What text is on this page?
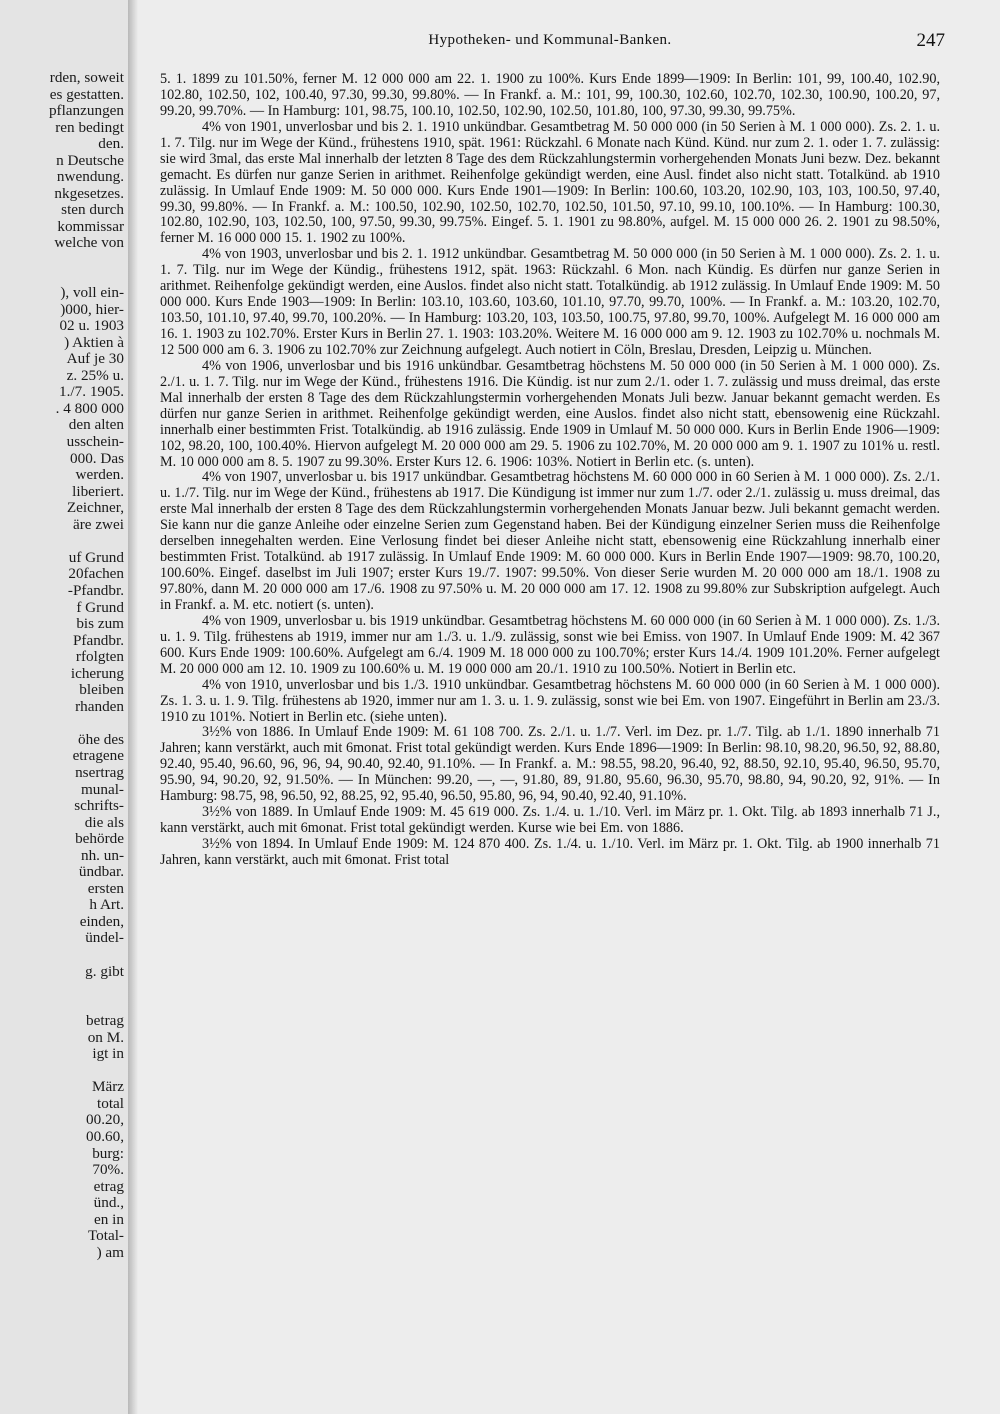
rden, soweit
es gestatten.
pflanzungen
ren bedingt
den.
n Deutsche
nwendung.
nkgesetzes.
sten durch
kommissar
welche von
), voll ein-
)000, hier-
02 u. 1903
) Aktien à
Auf je 30
z. 25% u.
1./7. 1905.
. 4 800 000
den alten
usschein-
000. Das
werden.
liberiert.
Zeichner,
äre zwei
uf Grund
20fachen
-Pfandbr.
f Grund
bis zum
Pfandbr.
rfolgten
icherung
bleiben
rhanden
öhe des
etragene
nsertrag
munal-
schrifts-
die als
behörde
nh. un-
ündbar.
ersten
h Art.
einden,
ündel-
g. gibt
betrag
on M.
igt in
März
total
00.20,
00.60,
burg:
70%.
etrag
ünd.,
en in
Total-
) am
Hypotheken- und Kommunal-Banken.	247

5. 1. 1899 zu 101.50%, ferner M. 12 000 000 am 22. 1. 1900 zu 100%. Kurs Ende 1899—1909: In Berlin: 101, 99, 100.40, 102.90, 102.80, 102.50, 102, 100.40, 97.30, 99.30, 99.80%. — In Frankf. a. M.: 101, 99, 100.30, 102.60, 102.70, 102.30, 100.90, 100.20, 97, 99.20, 99.70%. — In Hamburg: 101, 98.75, 100.10, 102.50, 102.90, 102.50, 101.80, 100, 97.30, 99.30, 99.75%.

4% von 1901, unverlosbar und bis 2. 1. 1910 unkündbar. Gesamtbetrag M. 50 000 000 (in 50 Serien à M. 1 000 000). Zs. 2. 1. u. 1. 7. Tilg. nur im Wege der Künd., frühestens 1910, spät. 1961: Rückzahl. 6 Monate nach Künd. Künd. nur zum 2. 1. oder 1. 7. zulässig: sie wird 3mal, das erste Mal innerhalb der letzten 8 Tage des dem Rückzahlungstermin vorhergehenden Monats Juni bezw. Dez. bekannt gemacht. Es dürfen nur ganze Serien in arithmet. Reihenfolge gekündigt werden, eine Ausl. findet also nicht statt. Totalkünd. ab 1910 zulässig. In Umlauf Ende 1909: M. 50 000 000. Kurs Ende 1901—1909: In Berlin: 100.60, 103.20, 102.90, 103, 103, 100.50, 97.40, 99.30, 99.80%. — In Frankf. a. M.: 100.50, 102.90, 102.50, 102.70, 102.50, 101.50, 97.10, 99.10, 100.10%. — In Hamburg: 100.30, 102.80, 102.90, 103, 102.50, 100, 97.50, 99.30, 99.75%. Eingef. 5. 1. 1901 zu 98.80%, aufgel. M. 15 000 000 26. 2. 1901 zu 98.50%, ferner M. 16 000 000 15. 1. 1902 zu 100%.

4% von 1903, unverlosbar und bis 2. 1. 1912 unkündbar. Gesamtbetrag M. 50 000 000 (in 50 Serien à M. 1 000 000). Zs. 2. 1. u. 1. 7. Tilg. nur im Wege der Kündig., frühestens 1912, spät. 1963: Rückzahl. 6 Mon. nach Kündig. Es dürfen nur ganze Serien in arithmet. Reihenfolge gekündigt werden, eine Auslos. findet also nicht statt. Totalkündig. ab 1912 zulässig. In Umlauf Ende 1909: M. 50 000 000. Kurs Ende 1903—1909: In Berlin: 103.10, 103.60, 103.60, 101.10, 97.70, 99.70, 100%. — In Frankf. a. M.: 103.20, 102.70, 103.50, 101.10, 97.40, 99.70, 100.20%. — In Hamburg: 103.20, 103, 103.50, 100.75, 97.80, 99.70, 100%. Aufgelegt M. 16 000 000 am 16. 1. 1903 zu 102.70%. Erster Kurs in Berlin 27. 1. 1903: 103.20%. Weitere M. 16 000 000 am 9. 12. 1903 zu 102.70% u. nochmals M. 12 500 000 am 6. 3. 1906 zu 102.70% zur Zeichnung aufgelegt. Auch notiert in Cöln, Breslau, Dresden, Leipzig u. München.

4% von 1906, unverlosbar und bis 1916 unkündbar. Gesamtbetrag höchstens M. 50 000 000 (in 50 Serien à M. 1 000 000). Zs. 2./1. u. 1. 7. Tilg. nur im Wege der Künd., frühestens 1916. Die Kündig. ist nur zum 2./1. oder 1. 7. zulässig und muss dreimal, das erste Mal innerhalb der ersten 8 Tage des dem Rückzahlungstermin vorhergehenden Monats Juli bezw. Januar bekannt gemacht werden. Es dürfen nur ganze Serien in arithmet. Reihenfolge gekündigt werden, eine Auslos. findet also nicht statt, ebensowenig eine Rückzahl. innerhalb einer bestimmten Frist. Totalkündig. ab 1916 zulässig. Ende 1909 in Umlauf M. 50 000 000. Kurs in Berlin Ende 1906—1909: 102, 98.20, 100, 100.40%. Hiervon aufgelegt M. 20 000 000 am 29. 5. 1906 zu 102.70%, M. 20 000 000 am 9. 1. 1907 zu 101% u. restl. M. 10 000 000 am 8. 5. 1907 zu 99.30%. Erster Kurs 12. 6. 1906: 103%. Notiert in Berlin etc. (s. unten).

4% von 1907, unverlosbar u. bis 1917 unkündbar. Gesamtbetrag höchstens M. 60 000 000 in 60 Serien à M. 1 000 000). Zs. 2./1. u. 1./7. Tilg. nur im Wege der Künd., frühestens ab 1917. Die Kündigung ist immer nur zum 1./7. oder 2./1. zulässig u. muss dreimal, das erste Mal innerhalb der ersten 8 Tage des dem Rückzahlungstermin vorhergehenden Monats Januar bezw. Juli bekannt gemacht werden. Sie kann nur die ganze Anleihe oder einzelne Serien zum Gegenstand haben. Bei der Kündigung einzelner Serien muss die Reihenfolge derselben innegehalten werden. Eine Verlosung findet bei dieser Anleihe nicht statt, ebensowenig eine Rückzahlung innerhalb einer bestimmten Frist. Totalkünd. ab 1917 zulässig. In Umlauf Ende 1909: M. 60 000 000. Kurs in Berlin Ende 1907—1909: 98.70, 100.20, 100.60%. Eingef. daselbst im Juli 1907; erster Kurs 19./7. 1907: 99.50%. Von dieser Serie wurden M. 20 000 000 am 18./1. 1908 zu 97.80%, dann M. 20 000 000 am 17./6. 1908 zu 97.50% u. M. 20 000 000 am 17. 12. 1908 zu 99.80% zur Subskription aufgelegt. Auch in Frankf. a. M. etc. notiert (s. unten).

4% von 1909, unverlosbar u. bis 1919 unkündbar. Gesamtbetrag höchstens M. 60 000 000 (in 60 Serien à M. 1 000 000). Zs. 1./3. u. 1. 9. Tilg. frühestens ab 1919, immer nur am 1./3. u. 1./9. zulässig, sonst wie bei Emiss. von 1907. In Umlauf Ende 1909: M. 42 367 600. Kurs Ende 1909: 100.60%. Aufgelegt am 6./4. 1909 M. 18 000 000 zu 100.70%; erster Kurs 14./4. 1909 101.20%. Ferner aufgelegt M. 20 000 000 am 12. 10. 1909 zu 100.60% u. M. 19 000 000 am 20./1. 1910 zu 100.50%. Notiert in Berlin etc.

4% von 1910, unverlosbar und bis 1./3. 1910 unkündbar. Gesamtbetrag höchstens M. 60 000 000 (in 60 Serien à M. 1 000 000). Zs. 1. 3. u. 1. 9. Tilg. frühestens ab 1920, immer nur am 1. 3. u. 1. 9. zulässig, sonst wie bei Em. von 1907. Eingeführt in Berlin am 23./3. 1910 zu 101%. Notiert in Berlin etc. (siehe unten).

3½% von 1886. In Umlauf Ende 1909: M. 61 108 700. Zs. 2./1. u. 1./7. Verl. im Dez. pr. 1./7. Tilg. ab 1./1. 1890 innerhalb 71 Jahren; kann verstärkt, auch mit 6monat. Frist total gekündigt werden. Kurs Ende 1896—1909: In Berlin: 98.10, 98.20, 96.50, 92, 88.80, 92.40, 95.40, 96.60, 96, 96, 94, 90.40, 92.40, 91.10%. — In Frankf. a. M.: 98.55, 98.20, 96.40, 92, 88.50, 92.10, 95.40, 96.50, 95.70, 95.90, 94, 90.20, 92, 91.50%. — In München: 99.20, —, —, 91.80, 89, 91.80, 95.60, 96.30, 95.70, 98.80, 94, 90.20, 92, 91%. — In Hamburg: 98.75, 98, 96.50, 92, 88.25, 92, 95.40, 96.50, 95.80, 96, 94, 90.40, 92.40, 91.10%.

3½% von 1889. In Umlauf Ende 1909: M. 45 619 000. Zs. 1./4. u. 1./10. Verl. im März pr. 1. Okt. Tilg. ab 1893 innerhalb 71 J., kann verstärkt, auch mit 6monat. Frist total gekündigt werden. Kurse wie bei Em. von 1886.

3½% von 1894. In Umlauf Ende 1909: M. 124 870 400. Zs. 1./4. u. 1./10. Verl. im März pr. 1. Okt. Tilg. ab 1900 innerhalb 71 Jahren, kann verstärkt, auch mit 6monat. Frist total
